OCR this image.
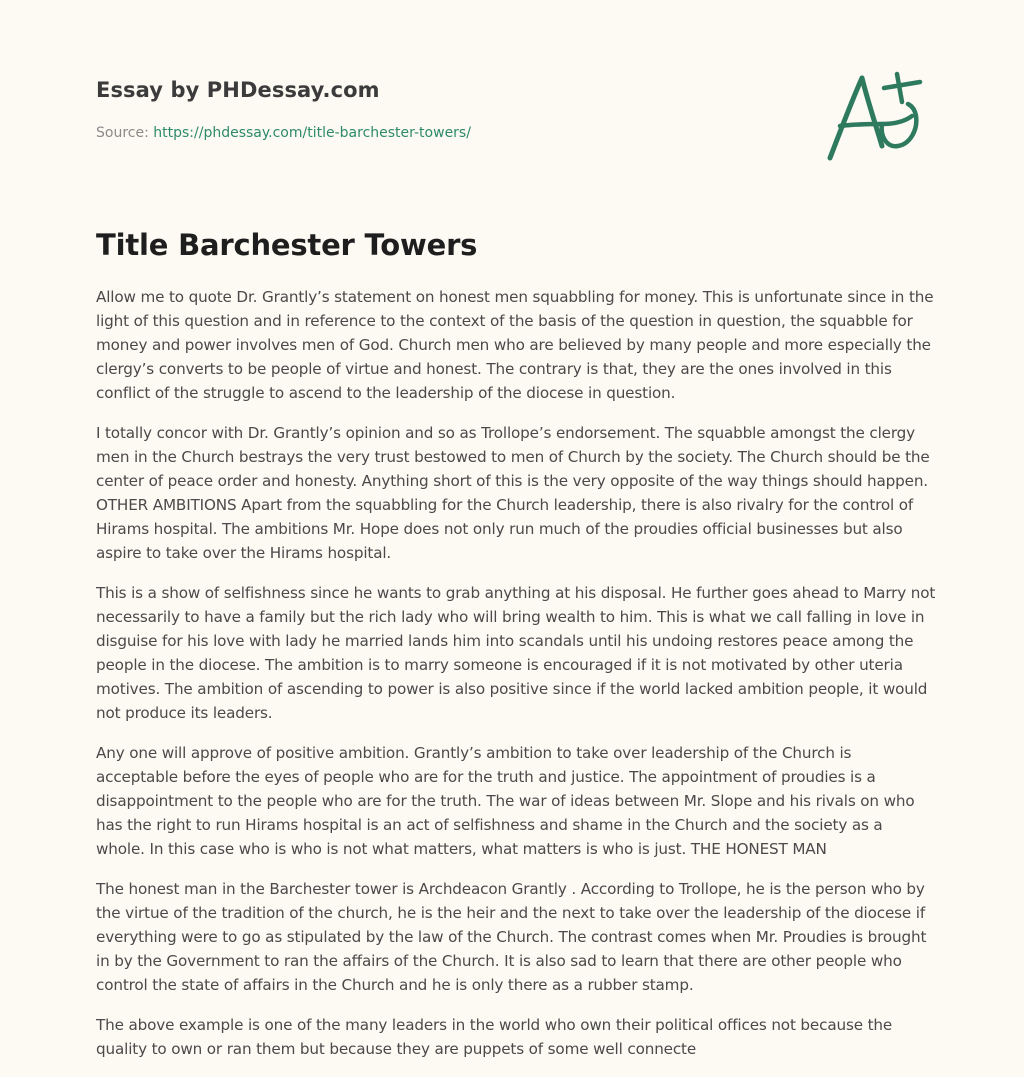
Essay by PHDessay.com
Source: https://phdessay.com/title-barchester-towers/
Title Barchester Towers

Allow me to quote Dr. Grantly’s statement on honest men squabbling for money. This is unfortunate since in the light of this question and in reference to the context of the basis of the question in question, the squabble for money and power involves men of God. Church men who are believed by many people and more especially the clergy’s converts to be people of virtue and honest. The contrary is that, they are the ones involved in this conflict of the struggle to ascend to the leadership of the diocese in question.

I totally concor with Dr. Grantly’s opinion and so as Trollope’s endorsement. The squabble amongst the clergy men in the Church bestrays the very trust bestowed to men of Church by the society. The Church should be the center of peace order and honesty. Anything short of this is the very opposite of the way things should happen. OTHER AMBITIONS Apart from the squabbling for the Church leadership, there is also rivalry for the control of Hirams hospital. The ambitions Mr. Hope does not only run much of the proudies official businesses but also aspire to take over the Hirams hospital.

This is a show of selfishness since he wants to grab anything at his disposal. He further goes ahead to Marry not necessarily to have a family but the rich lady who will bring wealth to him. This is what we call falling in love in disguise for his love with lady he married lands him into scandals until his undoing restores peace among the people in the diocese. The ambition is to marry someone is encouraged if it is not motivated by other uteria motives. The ambition of ascending to power is also positive since if the world lacked ambition people, it would not produce its leaders.

Any one will approve of positive ambition. Grantly’s ambition to take over leadership of the Church is acceptable before the eyes of people who are for the truth and justice. The appointment of proudies is a disappointment to the people who are for the truth. The war of ideas between Mr. Slope and his rivals on who has the right to run Hirams hospital is an act of selfishness and shame in the Church and the society as a whole. In this case who is who is not what matters, what matters is who is just. THE HONEST MAN

The honest man in the Barchester tower is Archdeacon Grantly . According to Trollope, he is the person who by the virtue of the tradition of the church, he is the heir and the next to take over the leadership of the diocese if everything were to go as stipulated by the law of the Church. The contrast comes when Mr. Proudies is brought in by the Government to ran the affairs of the Church. It is also sad to learn that there are other people who control the state of affairs in the Church and he is only there as a rubber stamp.

The above example is one of the many leaders in the world who own their political offices not because the quality to own or ran them but because they are puppets of some well connecte
